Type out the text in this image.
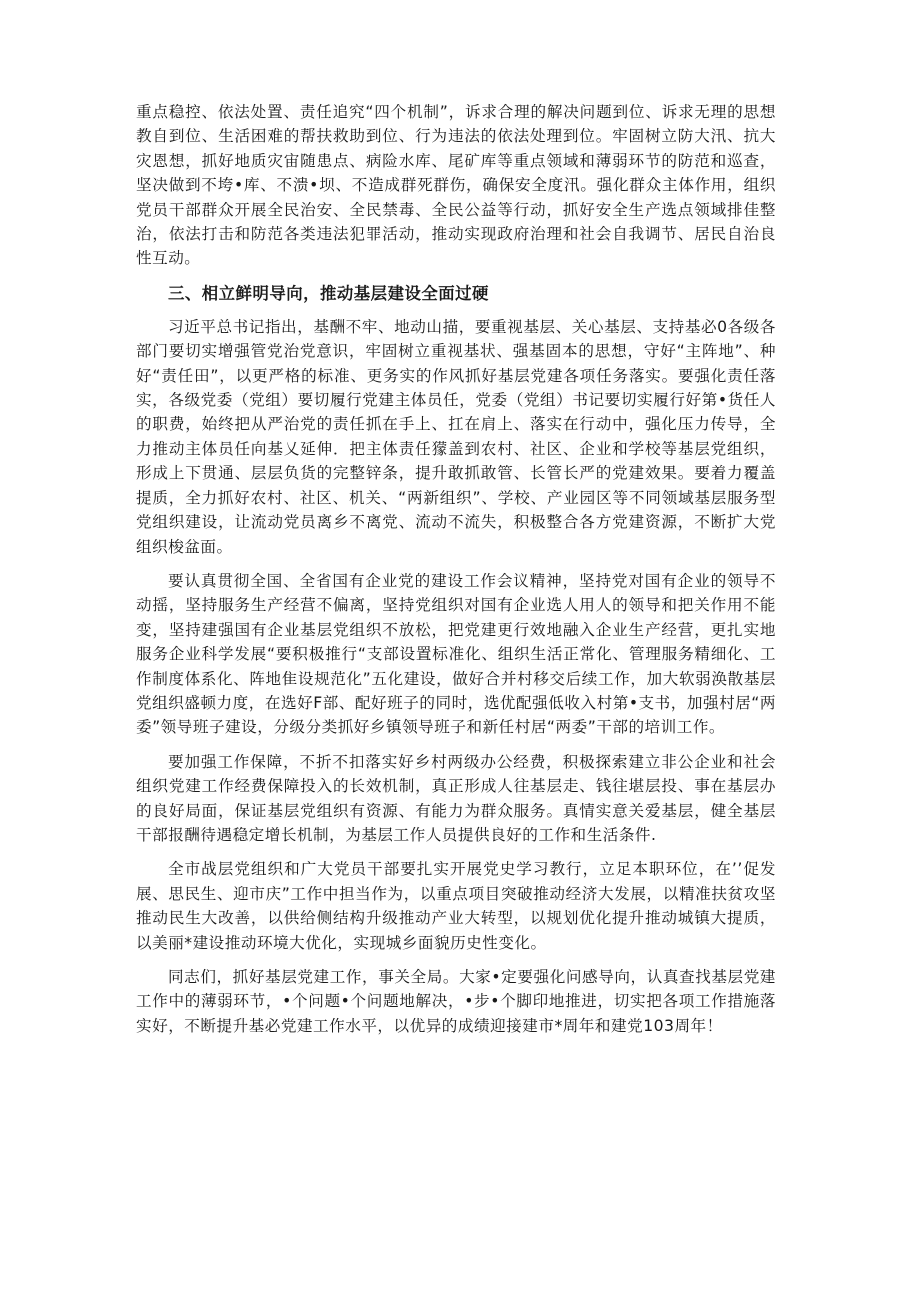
重点稳控、依法处置、责任追究“四个机制”，诉求合理的解决问题到位、诉求无理的思想教自到位、生活困难的帮扶救助到位、行为违法的依法处理到位。牢固树立防大汛、抗大灾恩想，抓好地质灾宙随患点、病险水库、尾矿库等重点领域和薄弱环节的防范和巡查，坚决做到不垮•库、不溃•坝、不造成群死群伤，确保安全度汛。强化群众主体作用，组织党员干部群众开展全民治安、全民禁毒、全民公益等行动，抓好安全生产选点领域排佳整治，依法打击和防范各类违法犯罪活动，推动实现政府治理和社会自我调节、居民自治良性互动。

三、相立鲜明导向，推动基层建设全面过硬

习近平总书记指出，基酬不牢、地动山描，要重视基层、关心基层、支持基必0各级各部门要切实增强管党治党意识，牢固树立重视基状、强基固本的思想，守好“主阵地”、种好“责任田”，以更严格的标准、更务实的作风抓好基层党建各项任务落实。要强化责任落实，各级党委（党组）要切履行党建主体员任，党委（党组）书记要切实履行好第•货任人的职费，始终把从严治党的责任抓在手上、扛在肩上、落实在行动中，强化压力传导，全力推动主体员任向基乂延伸．把主体责任獴盖到农村、社区、企业和学校等基层党组织，形成上下贯通、层层负货的完整锌条，提升敢抓敢管、长管长严的党建效果。要着力覆盖提质，全力抓好农村、社区、机关、“两新组织”、学校、产业园区等不同领域基层服务型党组织建设，让流动党员离乡不离党、流动不流失，积极整合各方党建资源，不断扩大党组织梭盆面。

要认真贯彻全国、全省国有企业党的建设工作会议精神，坚持党对国有企业的领导不动摇，坚持服务生产经营不偏离，坚持党组织对国有企业选人用人的领导和把关作用不能变，坚持建强国有企业基层党组织不放松，把党建更行效地融入企业生产经营，更扎实地服务企业科学发展“要积极推行“支部设置标准化、组织生活正常化、管理服务精细化、工作制度体系化、阵地隹设规范化”五化建设，做好合并村移交后续工作，加大软弱涣散基层党组织盛顿力度，在选好F部、配好班子的同时，选优配强低收入村第•支书，加强村居“两委”领导班子建设，分级分类抓好乡镇领导班子和新任村居“两委”干部的培训工作。

要加强工作保障，不折不扣落实好乡村两级办公经费，积极探索建立非公企业和社会组织党建工作经费保障投入的长效机制，真正形成人往基层走、钱往堪层投、事在基层办的良好局面，保证基层党组织有资源、有能力为群众服务。真情实意关爱基层，健全基层干部报酬待遇稳定增长机制，为基层工作人员提供良好的工作和生活条件.

全市战层党组织和广大党员干部要扎实开展党史学习教行，立足本职环位，在’’促发展、思民生、迎市庆”工作中担当作为，以重点项目突破推动经济大发展，以精准扶贫攻坚推动民生大改善，以供给侧结构升级推动产业大转型，以规划优化提升推动城镇大提质，以美丽*建设推动环境大优化，实现城乡面貌历史性变化。

同志们，抓好基层党建工作，事关全局。大家•定要强化问感导向，认真查找基层党建工作中的薄弱环节，•个问题•个问题地解决，•步•个脚印地推进，切实把各项工作措施落实好，不断提升基必党建工作水平，以优异的成绩迎接建市*周年和建党103周年！
